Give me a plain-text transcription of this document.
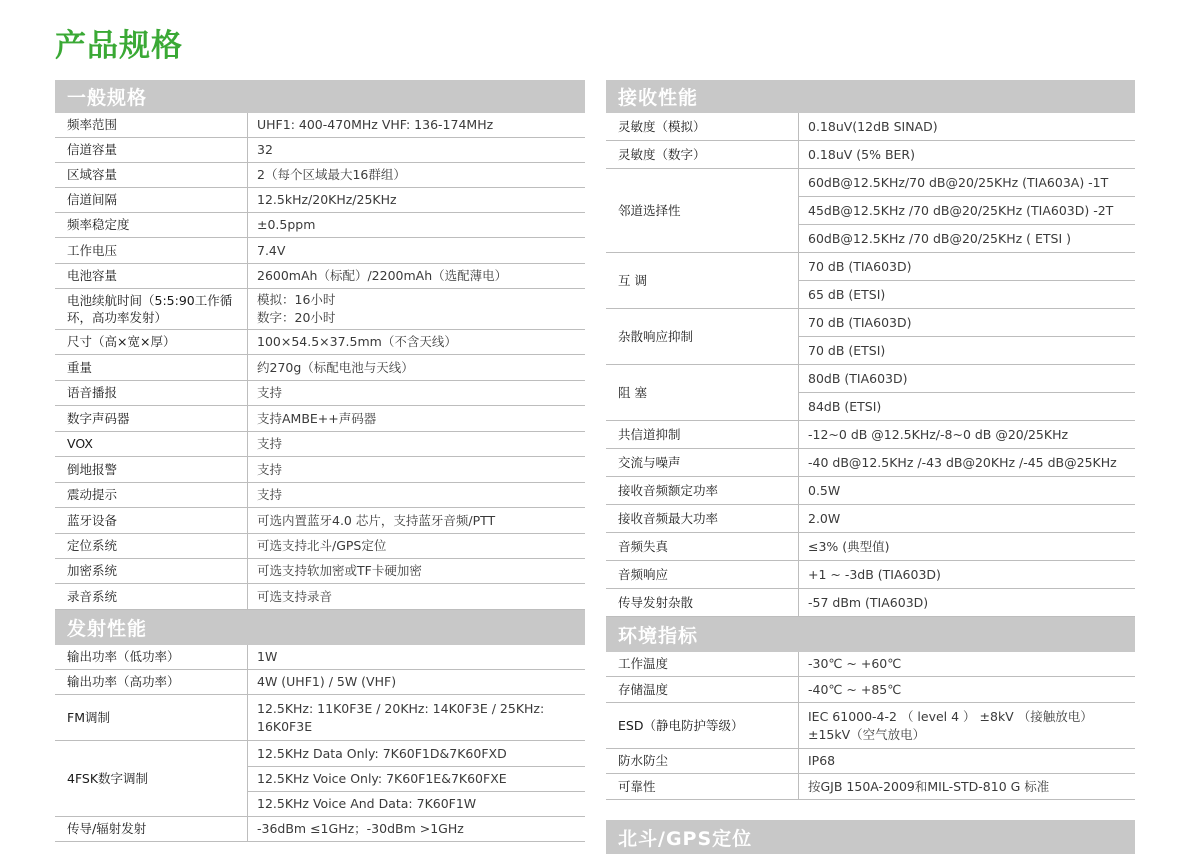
产品规格
一般规格
频率范围	UHF1: 400-470MHz VHF: 136-174MHz

信道容量	32

区域容量	2（每个区域最大16群组）

信道间隔	12.5kHz/20KHz/25KHz

频率稳定度	±0.5ppm

工作电压	7.4V

电池容量	2600mAh（标配）/2200mAh（选配薄电）

电池续航时间（5:5:90工作循环，高功率发射）	模拟：16小时
数字：20小时

尺寸（高×宽×厚）	100×54.5×37.5mm（不含天线）

重量	约270g（标配电池与天线）

语音播报	支持

数字声码器	支持AMBE++声码器

VOX	支持

倒地报警	支持

震动提示	支持

蓝牙设备	可选内置蓝牙4.0 芯片，支持蓝牙音频/PTT

定位系统	可选支持北斗/GPS定位

加密系统	可选支持软加密或TF卡硬加密

录音系统	可选支持录音
发射性能
输出功率（低功率）	1W

输出功率（高功率）	4W (UHF1) / 5W (VHF)

FM调制	12.5KHz: 11K0F3E / 20KHz: 14K0F3E / 25KHz:
16K0F3E

4FSK数字调制	12.5KHz Data Only: 7K60F1D&7K60FXD
	12.5KHz Voice Only: 7K60F1E&7K60FXE
	12.5KHz Voice And Data: 7K60F1W
传导/辐射发射	-36dBm ≤1GHz；-30dBm >1GHz
接收性能
灵敏度（模拟）	0.18uV(12dB SINAD)

灵敏度（数字）	0.18uV (5% BER)

邻道选择性	60dB@12.5KHz/70 dB@20/25KHz (TIA603A) -1T
	45dB@12.5KHz /70 dB@20/25KHz (TIA603D) -2T
	60dB@12.5KHz /70 dB@20/25KHz ( ETSI )
互 调	70 dB (TIA603D)
	65 dB (ETSI)
杂散响应抑制	70 dB (TIA603D)
	70 dB (ETSI)
阻 塞	80dB (TIA603D)
	84dB (ETSI)
共信道抑制	-12~0 dB @12.5KHz/-8~0 dB @20/25KHz

交流与噪声	-40 dB@12.5KHz /-43 dB@20KHz /-45 dB@25KHz

接收音频额定功率	0.5W

接收音频最大功率	2.0W

音频失真	≤3% (典型值)

音频响应	+1 ~ -3dB (TIA603D)

传导发射杂散	-57 dBm (TIA603D)
环境指标
工作温度	-30℃ ~ +60℃

存储温度	-40℃ ~ +85℃

ESD（静电防护等级）	IEC 61000-4-2 （ level 4 ） ±8kV （接触放电）
±15kV（空气放电）

防水防尘	IP68

可靠性	按GJB 150A-2009和MIL-STD-810 G 标准
北斗/GPS定位
